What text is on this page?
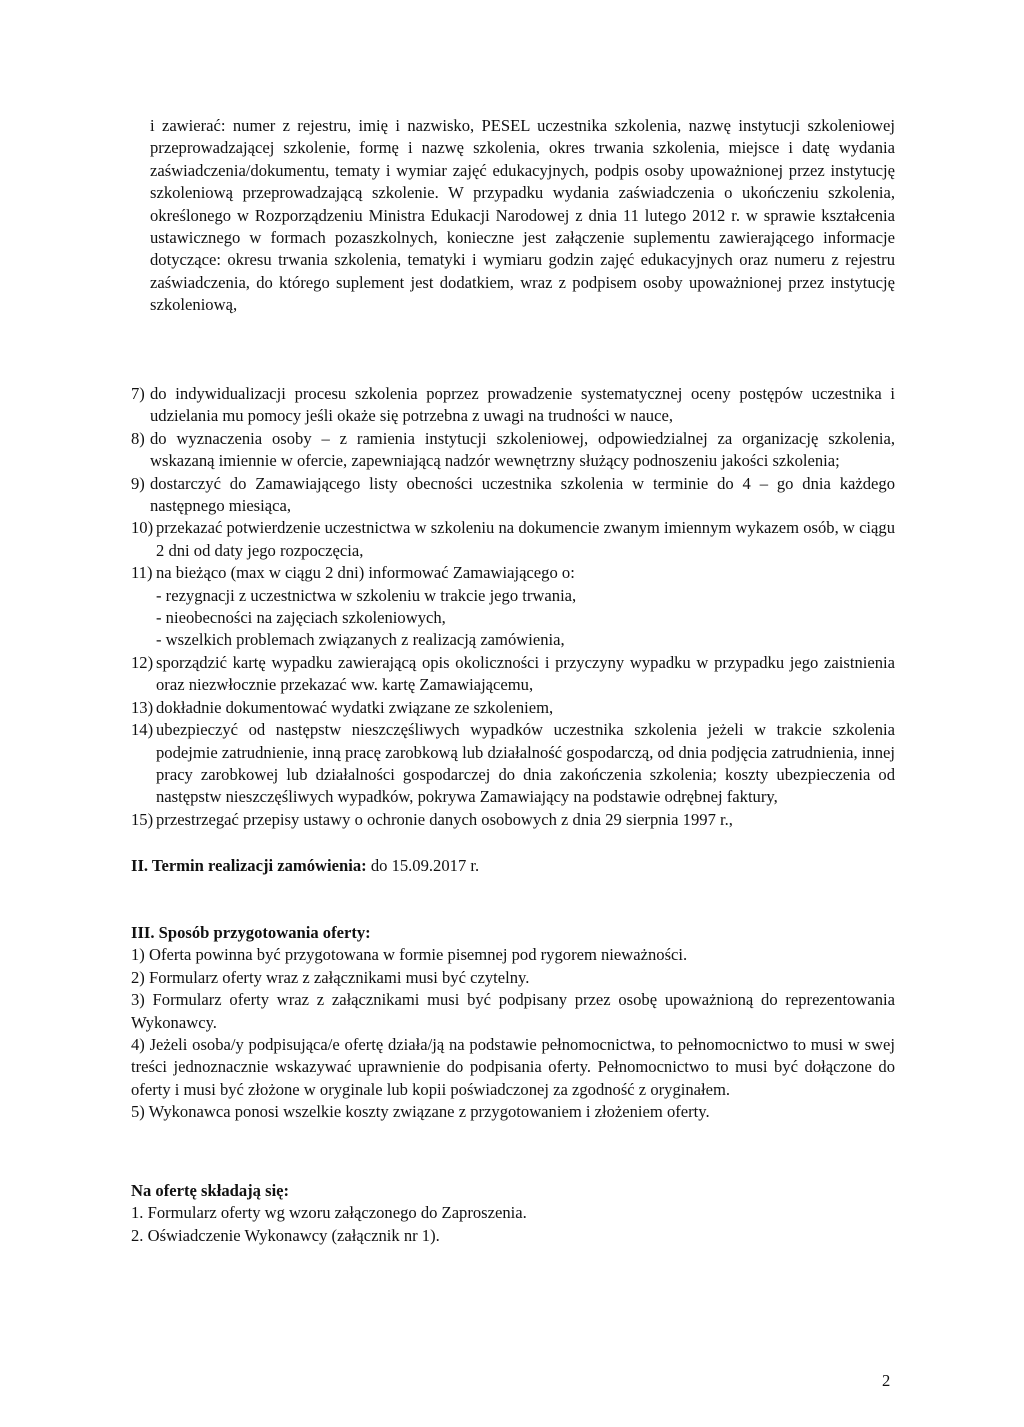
i zawierać: numer z rejestru, imię i nazwisko, PESEL uczestnika szkolenia, nazwę instytucji szkoleniowej przeprowadzającej szkolenie, formę i nazwę szkolenia, okres trwania szkolenia, miejsce i datę wydania zaświadczenia/dokumentu, tematy i wymiar zajęć edukacyjnych, podpis osoby upoważnionej przez instytucję szkoleniową przeprowadzającą szkolenie. W przypadku wydania zaświadczenia o ukończeniu szkolenia, określonego w Rozporządzeniu Ministra Edukacji Narodowej z dnia 11 lutego 2012 r. w sprawie kształcenia ustawicznego w formach pozaszkolnych, konieczne jest załączenie suplementu zawierającego informacje dotyczące: okresu trwania szkolenia, tematyki i wymiaru godzin zajęć edukacyjnych oraz numeru z rejestru zaświadczenia, do którego suplement jest dodatkiem, wraz z podpisem osoby upoważnionej przez instytucję szkoleniową,

7) do indywidualizacji procesu szkolenia poprzez prowadzenie systematycznej oceny postępów uczestnika i udzielania mu pomocy jeśli okaże się potrzebna z uwagi na trudności w nauce,
8) do wyznaczenia osoby – z ramienia instytucji szkoleniowej, odpowiedzialnej za organizację szkolenia, wskazaną imiennie w ofercie, zapewniającą nadzór wewnętrzny służący podnoszeniu jakości szkolenia;
9) dostarczyć do Zamawiającego listy obecności uczestnika szkolenia w terminie do 4 – go dnia każdego następnego miesiąca,
10) przekazać potwierdzenie uczestnictwa w szkoleniu na dokumencie zwanym imiennym wykazem osób, w ciągu 2 dni od daty jego rozpoczęcia,
11) na bieżąco (max w ciągu 2 dni) informować Zamawiającego o:
- rezygnacji z uczestnictwa w szkoleniu w trakcie jego trwania,
- nieobecności na zajęciach szkoleniowych,
- wszelkich problemach związanych z realizacją zamówienia,
12) sporządzić kartę wypadku zawierającą opis okoliczności i przyczyny wypadku w przypadku jego zaistnienia oraz niezwłocznie przekazać ww. kartę Zamawiającemu,
13) dokładnie dokumentować wydatki związane ze szkoleniem,
14) ubezpieczyć od następstw nieszczęśliwych wypadków uczestnika szkolenia jeżeli w trakcie szkolenia podejmie zatrudnienie, inną pracę zarobkową lub działalność gospodarczą, od dnia podjęcia zatrudnienia, innej pracy zarobkowej lub działalności gospodarczej do dnia zakończenia szkolenia; koszty ubezpieczenia od następstw nieszczęśliwych wypadków, pokrywa Zamawiający na podstawie odrębnej faktury,
15) przestrzegać przepisy ustawy o ochronie danych osobowych z dnia 29 sierpnia 1997 r.,

II. Termin realizacji zamówienia: do 15.09.2017 r.

III. Sposób przygotowania oferty:
1) Oferta powinna być przygotowana w formie pisemnej pod rygorem nieważności.
2) Formularz oferty wraz z załącznikami musi być czytelny.
3) Formularz oferty wraz z załącznikami musi być podpisany przez osobę upoważnioną do reprezentowania Wykonawcy.
4) Jeżeli osoba/y podpisująca/e ofertę działa/ją na podstawie pełnomocnictwa, to pełnomocnictwo to musi w swej treści jednoznacznie wskazywać uprawnienie do podpisania oferty. Pełnomocnictwo to musi być dołączone do oferty i musi być złożone w oryginale lub kopii poświadczonej za zgodność z oryginałem.
5) Wykonawca ponosi wszelkie koszty związane z przygotowaniem i złożeniem oferty.
Na ofertę składają się:
1. Formularz oferty wg wzoru załączonego do Zaproszenia.
2. Oświadczenie Wykonawcy (załącznik nr 1).
2
